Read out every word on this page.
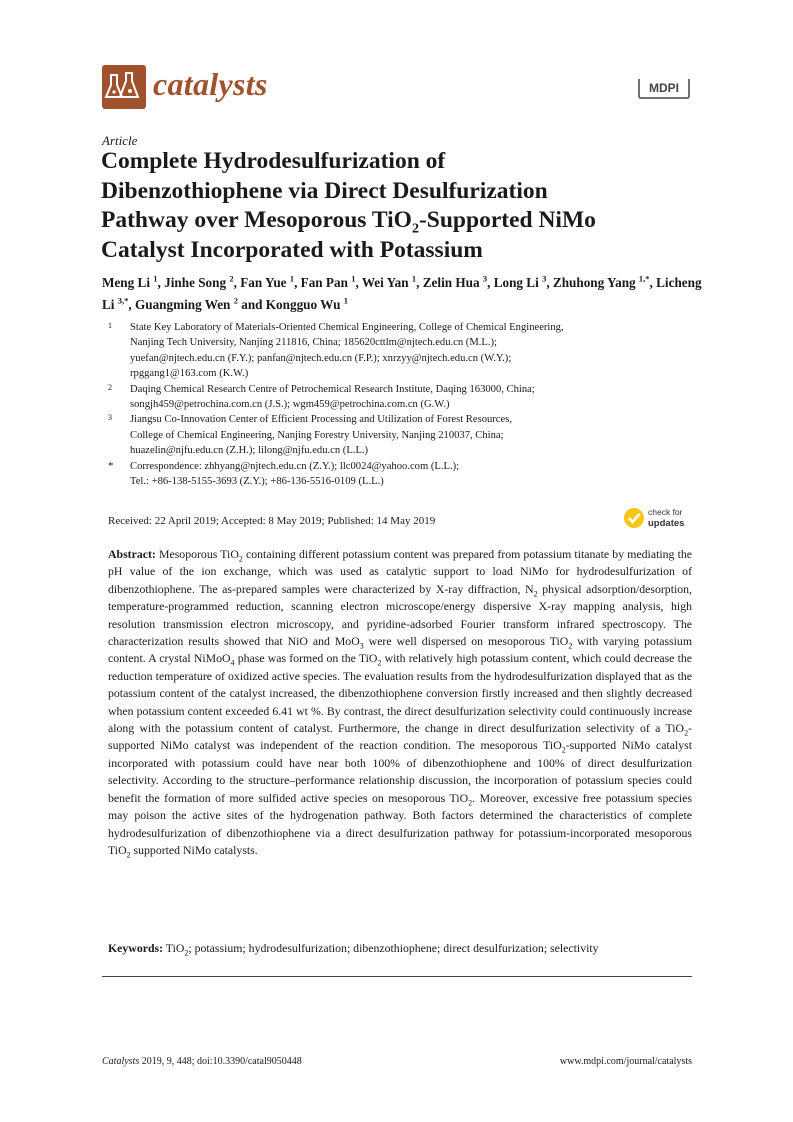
catalysts	MDPI
Article
Complete Hydrodesulfurization of
Dibenzothiophene via Direct Desulfurization
Pathway over Mesoporous TiO$_2$-Supported NiMo
Catalyst Incorporated with Potassium
Meng Li $^1$, Jinhe Song $^2$, Fan Yue $^1$, Fan Pan $^1$, Wei Yan $^1$, Zelin Hua $^3$, Long Li $^3$, Zhuhong Yang $^{1,*}$, Licheng Li $^{3,*}$, Guangming Wen $^2$ and Kongguo Wu $^1$
1	State Key Laboratory of Materials-Oriented Chemical Engineering, College of Chemical Engineering,
Nanjing Tech University, Nanjing 211816, China; 185620cttlm@njtech.edu.cn (M.L.);
yuefan@njtech.edu.cn (F.Y.); panfan@njtech.edu.cn (F.P.); xnrzyy@njtech.edu.cn (W.Y.);
rpggang1@163.com (K.W.)
2	Daqing Chemical Research Centre of Petrochemical Research Institute, Daqing 163000, China;
songjh459@petrochina.com.cn (J.S.); wgm459@petrochina.com.cn (G.W.)
3	Jiangsu Co-Innovation Center of Efficient Processing and Utilization of Forest Resources,
College of Chemical Engineering, Nanjing Forestry University, Nanjing 210037, China;
huazelin@njfu.edu.cn (Z.H.); lilong@njfu.edu.cn (L.L.)
*	Correspondence: zhhyang@njtech.edu.cn (Z.Y.); llc0024@yahoo.com (L.L.);
Tel.: +86-138-5155-3693 (Z.Y.); +86-136-5516-0109 (L.L.)
Received: 22 April 2019; Accepted: 8 May 2019; Published: 14 May 2019
check for
updates
Abstract: Mesoporous TiO$_2$ containing different potassium content was prepared from potassium titanate by mediating the pH value of the ion exchange, which was used as catalytic support to load NiMo for hydrodesulfurization of dibenzothiophene. The as-prepared samples were characterized by X-ray diffraction, $N_2$ physical adsorption/desorption, temperature-programmed reduction, scanning electron microscope/energy dispersive X-ray mapping analysis, high resolution transmission electron microscopy, and pyridine-adsorbed Fourier transform infrared spectroscopy. The characterization results showed that NiO and MoO$_3$ were well dispersed on mesoporous TiO$_2$ with varying potassium content. A crystal NiMoO$_4$ phase was formed on the TiO$_2$ with relatively high potassium content, which could decrease the reduction temperature of oxidized active species. The evaluation results from the hydrodesulfurization displayed that as the potassium content of the catalyst increased, the dibenzothiophene conversion firstly increased and then slightly decreased when potassium content exceeded 6.41 wt %. By contrast, the direct desulfurization selectivity could continuously increase along with the potassium content of catalyst. Furthermore, the change in direct desulfurization selectivity of a TiO$_2$-supported NiMo catalyst was independent of the reaction condition. The mesoporous TiO$_2$-supported NiMo catalyst incorporated with potassium could have near both 100% of dibenzothiophene and 100% of direct desulfurization selectivity. According to the structure–performance relationship discussion, the incorporation of potassium species could benefit the formation of more sulfided active species on mesoporous TiO$_2$. Moreover, excessive free potassium species may poison the active sites of the hydrogenation pathway. Both factors determined the characteristics of complete hydrodesulfurization of dibenzothiophene via a direct desulfurization pathway for potassium-incorporated mesoporous TiO$_2$ supported NiMo catalysts.
Keywords: TiO$_2$; potassium; hydrodesulfurization; dibenzothiophene; direct desulfurization; selectivity
Catalysts 2019, 9, 448; doi:10.3390/catal9050448	www.mdpi.com/journal/catalysts
